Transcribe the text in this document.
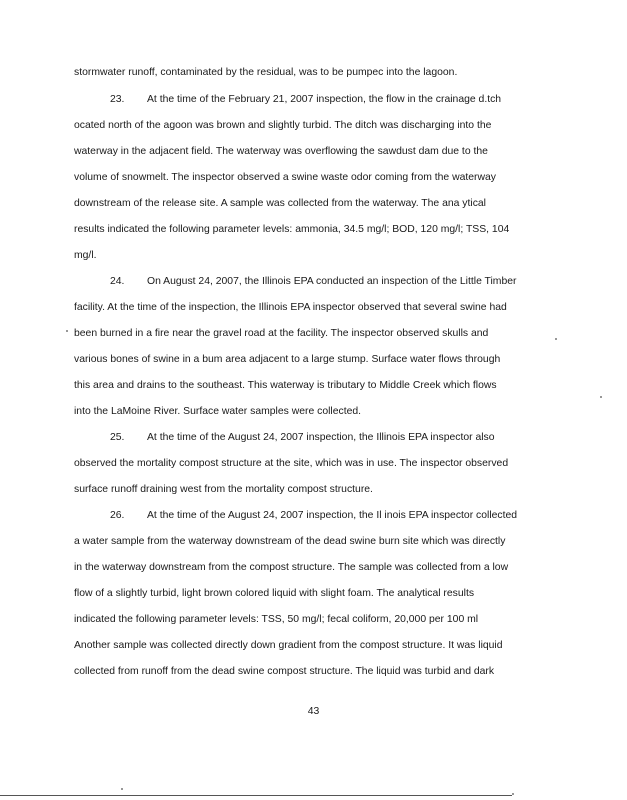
stormwater runoff, contaminated by the residual, was to be pumpec into the lagoon.

23. At the time of the February 21, 2007 inspection, the flow in the crainage d.tch

ocated north of the agoon was brown and slightly turbid. The ditch was discharging into the

waterway in the adjacent field. The waterway was overflowing the sawdust dam due to the

volume of snowmelt. The inspector observed a swine waste odor coming from the waterway

downstream of the release site. A sample was collected from the waterway. The ana ytical

results indicated the following parameter levels: ammonia, 34.5 mg/l; BOD, 120 mg/l; TSS, 104

mg/l.

24. On August 24, 2007, the Illinois EPA conducted an inspection of the Little Timber

facility. At the time of the inspection, the Illinois EPA inspector observed that several swine had

been burned in a fire near the gravel road at the facility. The inspector observed skulls and

various bones of swine in a bum area adjacent to a large stump. Surface water flows through

this area and drains to the southeast. This waterway is tributary to Middle Creek which flows

into the LaMoine River. Surface water samples were collected.

25. At the time of the August 24, 2007 inspection, the Illinois EPA inspector also

observed the mortality compost structure at the site, which was in use. The inspector observed

surface runoff draining west from the mortality compost structure.

26. At the time of the August 24, 2007 inspection, the Il inois EPA inspector collected

a water sample from the waterway downstream of the dead swine burn site which was directly

in the waterway downstream from the compost structure. The sample was collected from a low

flow of a slightly turbid, light brown colored liquid with slight foam. The analytical results

indicated the following parameter levels: TSS, 50 mg/l; fecal coliform, 20,000 per 100 ml

Another sample was collected directly down gradient from the compost structure. It was liquid

collected from runoff from the dead swine compost structure. The liquid was turbid and dark

43
